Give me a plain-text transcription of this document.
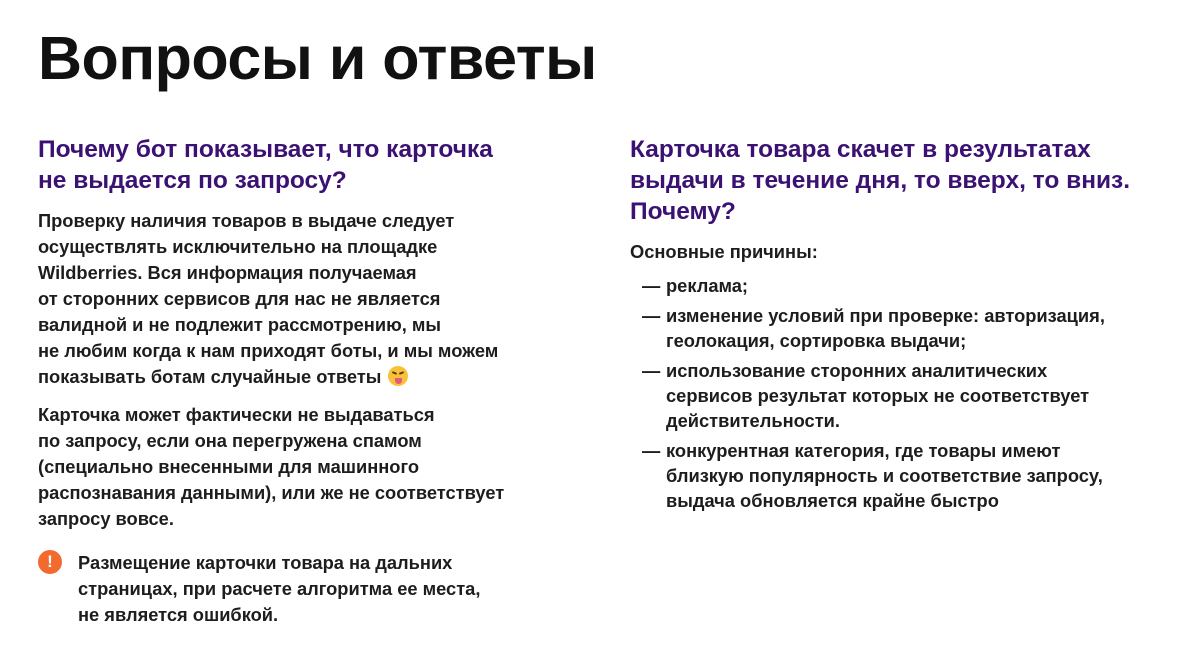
Вопросы и ответы
Почему бот показывает, что карточка
не выдается по запросу?

Проверку наличия товаров в выдаче следует
осуществлять исключительно на площадке
Wildberries. Вся информация получаемая
от сторонних сервисов для нас не является
валидной и не подлежит рассмотрению, мы
не любим когда к нам приходят боты, и мы можем
показывать ботам случайные ответы

Карточка может фактически не выдаваться
по запросу, если она перегружена спамом
(специально внесенными для машинного
распознавания данными), или же не соответствует
запросу вовсе.

!	Размещение карточки товара на дальних
страницах, при расчете алгоритма ее места,
не является ошибкой.

Карточка товара скачет в результатах
выдачи в течение дня, то вверх, то вниз.
Почему?

Основные причины:

— реклама;
— изменение условий при проверке: авторизация,
геолокация, сортировка выдачи;
— использование сторонних аналитических
сервисов результат которых не соответствует
действительности.
— конкурентная категория, где товары имеют
близкую популярность и соответствие запросу,
выдача обновляется крайне быстро
